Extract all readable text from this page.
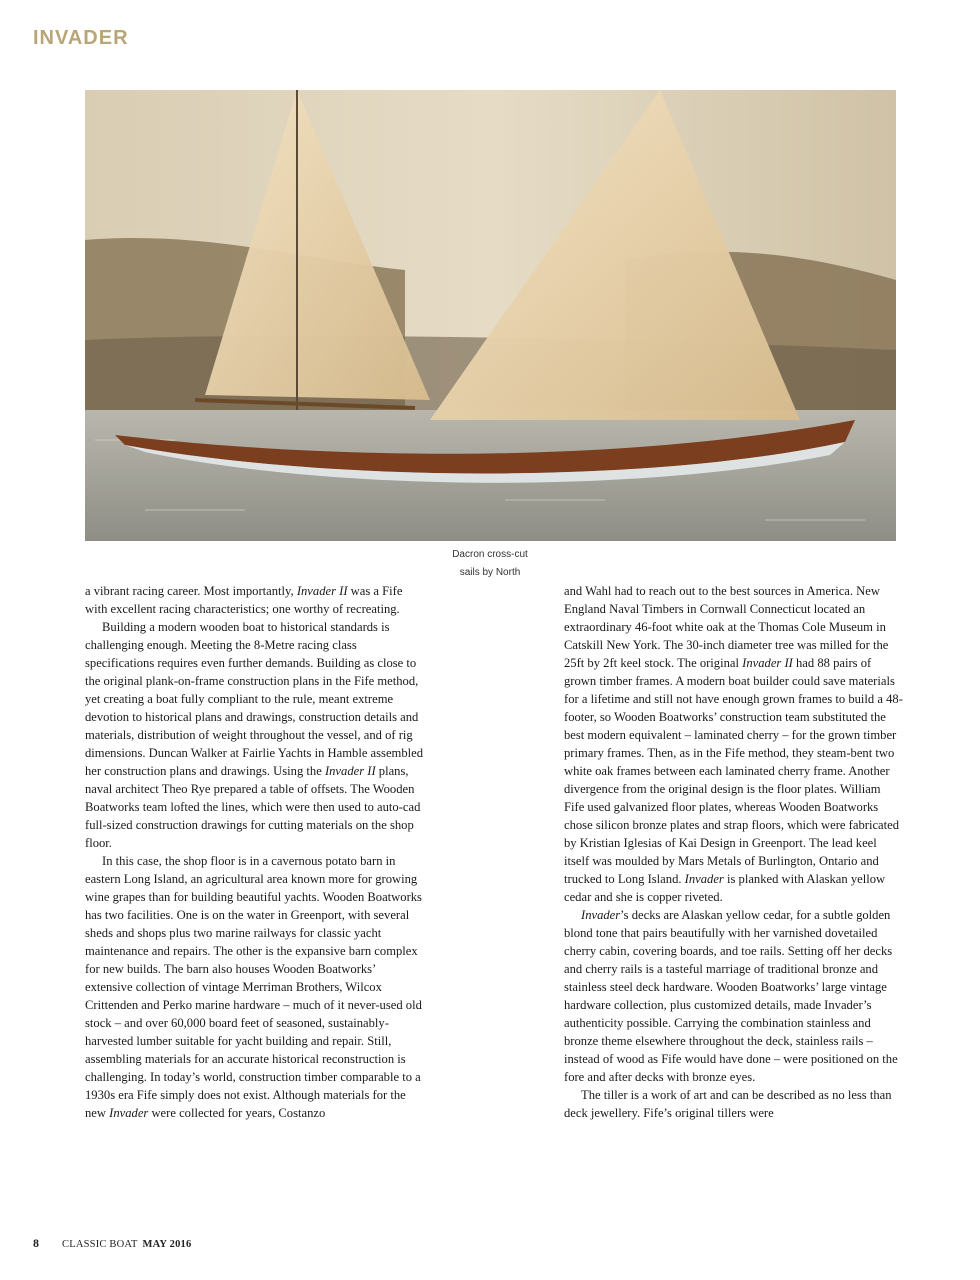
INVADER
Dacron cross-cut
sails by North

a vibrant racing career. Most importantly, Invader II was a Fife with excellent racing characteristics; one worthy of recreating.

Building a modern wooden boat to historical standards is challenging enough. Meeting the 8-Metre racing class specifications requires even further demands. Building as close to the original plank-on-frame construction plans in the Fife method, yet creating a boat fully compliant to the rule, meant extreme devotion to historical plans and drawings, construction details and materials, distribution of weight throughout the vessel, and of rig dimensions. Duncan Walker at Fairlie Yachts in Hamble assembled her construction plans and drawings. Using the Invader II plans, naval architect Theo Rye prepared a table of offsets. The Wooden Boatworks team lofted the lines, which were then used to auto-cad full-sized construction drawings for cutting materials on the shop floor.

In this case, the shop floor is in a cavernous potato barn in eastern Long Island, an agricultural area known more for growing wine grapes than for building beautiful yachts. Wooden Boatworks has two facilities. One is on the water in Greenport, with several sheds and shops plus two marine railways for classic yacht maintenance and repairs. The other is the expansive barn complex for new builds. The barn also houses Wooden Boatworks’ extensive collection of vintage Merriman Brothers, Wilcox Crittenden and Perko marine hardware – much of it never-used old stock – and over 60,000 board feet of seasoned, sustainably-harvested lumber suitable for yacht building and repair. Still, assembling materials for an accurate historical reconstruction is challenging. In today’s world, construction timber comparable to a 1930s era Fife simply does not exist. Although materials for the new Invader were collected for years, Costanzo

and Wahl had to reach out to the best sources in America. New England Naval Timbers in Cornwall Connecticut located an extraordinary 46-foot white oak at the Thomas Cole Museum in Catskill New York. The 30-inch diameter tree was milled for the 25ft by 2ft keel stock. The original Invader II had 88 pairs of grown timber frames. A modern boat builder could save materials for a lifetime and still not have enough grown frames to build a 48-footer, so Wooden Boatworks’ construction team substituted the best modern equivalent – laminated cherry – for the grown timber primary frames. Then, as in the Fife method, they steam-bent two white oak frames between each laminated cherry frame. Another divergence from the original design is the floor plates. William Fife used galvanized floor plates, whereas Wooden Boatworks chose silicon bronze plates and strap floors, which were fabricated by Kristian Iglesias of Kai Design in Greenport. The lead keel itself was moulded by Mars Metals of Burlington, Ontario and trucked to Long Island. Invader is planked with Alaskan yellow cedar and she is copper riveted.

Invader’s decks are Alaskan yellow cedar, for a subtle golden blond tone that pairs beautifully with her varnished dovetailed cherry cabin, covering boards, and toe rails. Setting off her decks and cherry rails is a tasteful marriage of traditional bronze and stainless steel deck hardware. Wooden Boatworks’ large vintage hardware collection, plus customized details, made Invader’s authenticity possible. Carrying the combination stainless and bronze theme elsewhere throughout the deck, stainless rails – instead of wood as Fife would have done – were positioned on the fore and after decks with bronze eyes.

The tiller is a work of art and can be described as no less than deck jewellery. Fife’s original tillers were

8 CLASSIC BOAT MAY 2016
